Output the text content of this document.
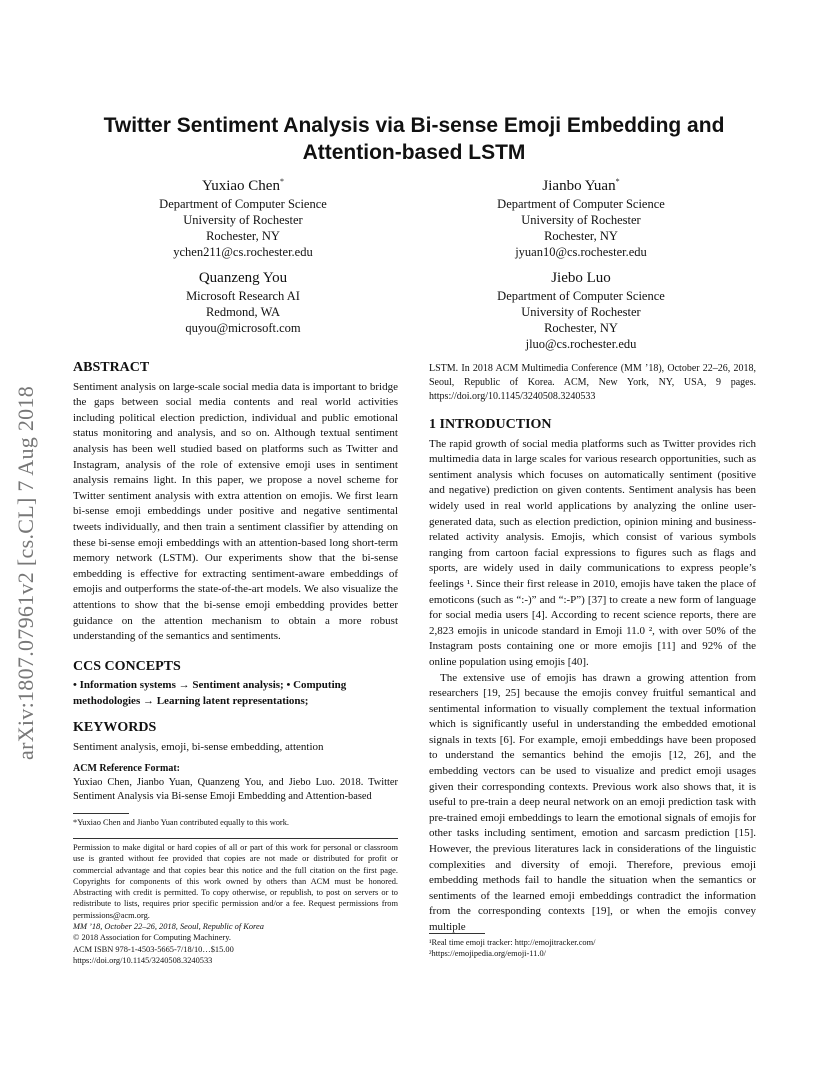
arXiv:1807.07961v2 [cs.CL] 7 Aug 2018
Twitter Sentiment Analysis via Bi-sense Emoji Embedding and
Attention-based LSTM
Yuxiao Chen*
Department of Computer Science
University of Rochester
Rochester, NY
ychen211@cs.rochester.edu
Jianbo Yuan*
Department of Computer Science
University of Rochester
Rochester, NY
jyuan10@cs.rochester.edu
Quanzeng You
Microsoft Research AI
Redmond, WA
quyou@microsoft.com
Jiebo Luo
Department of Computer Science
University of Rochester
Rochester, NY
jluo@cs.rochester.edu
ABSTRACT

Sentiment analysis on large-scale social media data is important to bridge the gaps between social media contents and real world activities including political election prediction, individual and public emotional status monitoring and analysis, and so on. Although textual sentiment analysis has been well studied based on platforms such as Twitter and Instagram, analysis of the role of extensive emoji uses in sentiment analysis remains light. In this paper, we propose a novel scheme for Twitter sentiment analysis with extra attention on emojis. We first learn bi-sense emoji embeddings under positive and negative sentimental tweets individually, and then train a sentiment classifier by attending on these bi-sense emoji embeddings with an attention-based long short-term memory network (LSTM). Our experiments show that the bi-sense embedding is effective for extracting sentiment-aware embeddings of emojis and outperforms the state-of-the-art models. We also visualize the attentions to show that the bi-sense emoji embedding provides better guidance on the attention mechanism to obtain a more robust understanding of the semantics and sentiments.

CCS CONCEPTS

• Information systems → Sentiment analysis; • Computing methodologies → Learning latent representations;

KEYWORDS

Sentiment analysis, emoji, bi-sense embedding, attention

ACM Reference Format:

Yuxiao Chen, Jianbo Yuan, Quanzeng You, and Jiebo Luo. 2018. Twitter Sentiment Analysis via Bi-sense Emoji Embedding and Attention-based

*Yuxiao Chen and Jianbo Yuan contributed equally to this work.

Permission to make digital or hard copies of all or part of this work for personal or classroom use is granted without fee provided that copies are not made or distributed for profit or commercial advantage and that copies bear this notice and the full citation on the first page. Copyrights for components of this work owned by others than ACM must be honored. Abstracting with credit is permitted. To copy otherwise, or republish, to post on servers or to redistribute to lists, requires prior specific permission and/or a fee. Request permissions from permissions@acm.org.

MM ’18, October 22–26, 2018, Seoul, Republic of Korea

© 2018 Association for Computing Machinery.

ACM ISBN 978-1-4503-5665-7/18/10…$15.00

https://doi.org/10.1145/3240508.3240533

LSTM. In 2018 ACM Multimedia Conference (MM ’18), October 22–26, 2018, Seoul, Republic of Korea. ACM, New York, NY, USA, 9 pages. https://doi.org/10.1145/3240508.3240533

1 INTRODUCTION

The rapid growth of social media platforms such as Twitter provides rich multimedia data in large scales for various research opportunities, such as sentiment analysis which focuses on automatically sentiment (positive and negative) prediction on given contents. Sentiment analysis has been widely used in real world applications by analyzing the online user-generated data, such as election prediction, opinion mining and business-related activity analysis. Emojis, which consist of various symbols ranging from cartoon facial expressions to figures such as flags and sports, are widely used in daily communications to express people’s feelings ¹. Since their first release in 2010, emojis have taken the place of emoticons (such as “:-)” and “:-P”) [37] to create a new form of language for social media users [4]. According to recent science reports, there are 2,823 emojis in unicode standard in Emoji 11.0 ², with over 50% of the Instagram posts containing one or more emojis [11] and 92% of the online population using emojis [40].

The extensive use of emojis has drawn a growing attention from researchers [19, 25] because the emojis convey fruitful semantical and sentimental information to visually complement the textual information which is significantly useful in understanding the embedded emotional signals in texts [6]. For example, emoji embeddings have been proposed to understand the semantics behind the emojis [12, 26], and the embedding vectors can be used to visualize and predict emoji usages given their corresponding contexts. Previous work also shows that, it is useful to pre-train a deep neural network on an emoji prediction task with pre-trained emoji embeddings to learn the emotional signals of emojis for other tasks including sentiment, emotion and sarcasm prediction [15]. However, the previous literatures lack in considerations of the linguistic complexities and diversity of emoji. Therefore, previous emoji embedding methods fail to handle the situation when the semantics or sentiments of the learned emoji embeddings contradict the information from the corresponding contexts [19], or when the emojis convey multiple

¹Real time emoji tracker: http://emojitracker.com/

²https://emojipedia.org/emoji-11.0/
